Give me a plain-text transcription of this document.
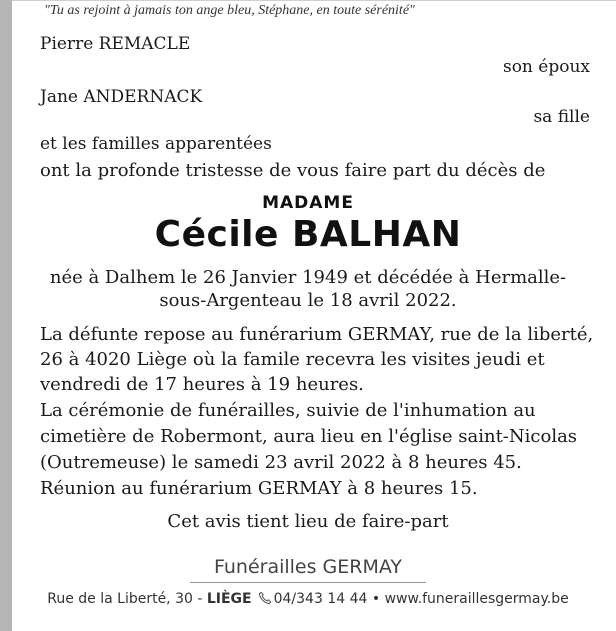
"Tu as rejoint à jamais ton ange bleu, Stéphane, en toute sérénité"
Pierre REMACLE
son époux
Jane ANDERNACK
sa fille
et les familles apparentées
ont la profonde tristesse de vous faire part du décès de
MADAME
Cécile BALHAN
née à Dalhem le 26 Janvier 1949 et décédée à Hermalle-
sous-Argenteau le 18 avril 2022.
La défunte repose au funérarium GERMAY, rue de la liberté,
26 à 4020 Liège où la famile recevra les visites jeudi et
vendredi de 17 heures à 19 heures.
La cérémonie de funérailles, suivie de l'inhumation au
cimetière de Robermont, aura lieu en l'église saint-Nicolas
(Outremeuse) le samedi 23 avril 2022 à 8 heures 45.
Réunion au funérarium GERMAY à 8 heures 15.
Cet avis tient lieu de faire-part
Funérailles GERMAY
Rue de la Liberté, 30 - LIÈGE 04/343 14 44 • www.funeraillesgermay.be
